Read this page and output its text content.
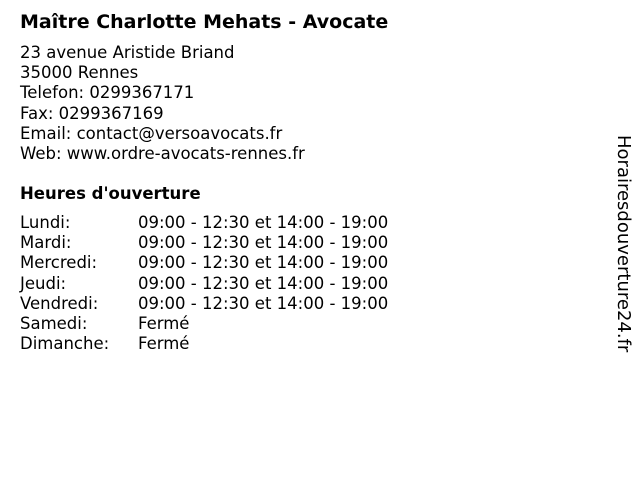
Maître Charlotte Mehats - Avocate
23 avenue Aristide Briand
35000 Rennes
Telefon: 0299367171
Fax: 0299367169
Email: contact@versoavocats.fr
Web: www.ordre-avocats-rennes.fr
Heures d'ouverture
Lundi:	09:00 - 12:30 et 14:00 - 19:00
Mardi:	09:00 - 12:30 et 14:00 - 19:00
Mercredi: 09:00 - 12:30 et 14:00 - 19:00
Jeudi:	09:00 - 12:30 et 14:00 - 19:00
Vendredi: 09:00 - 12:30 et 14:00 - 19:00
Samedi:	Fermé
Dimanche: Fermé	Horairesdouverture24.fr
